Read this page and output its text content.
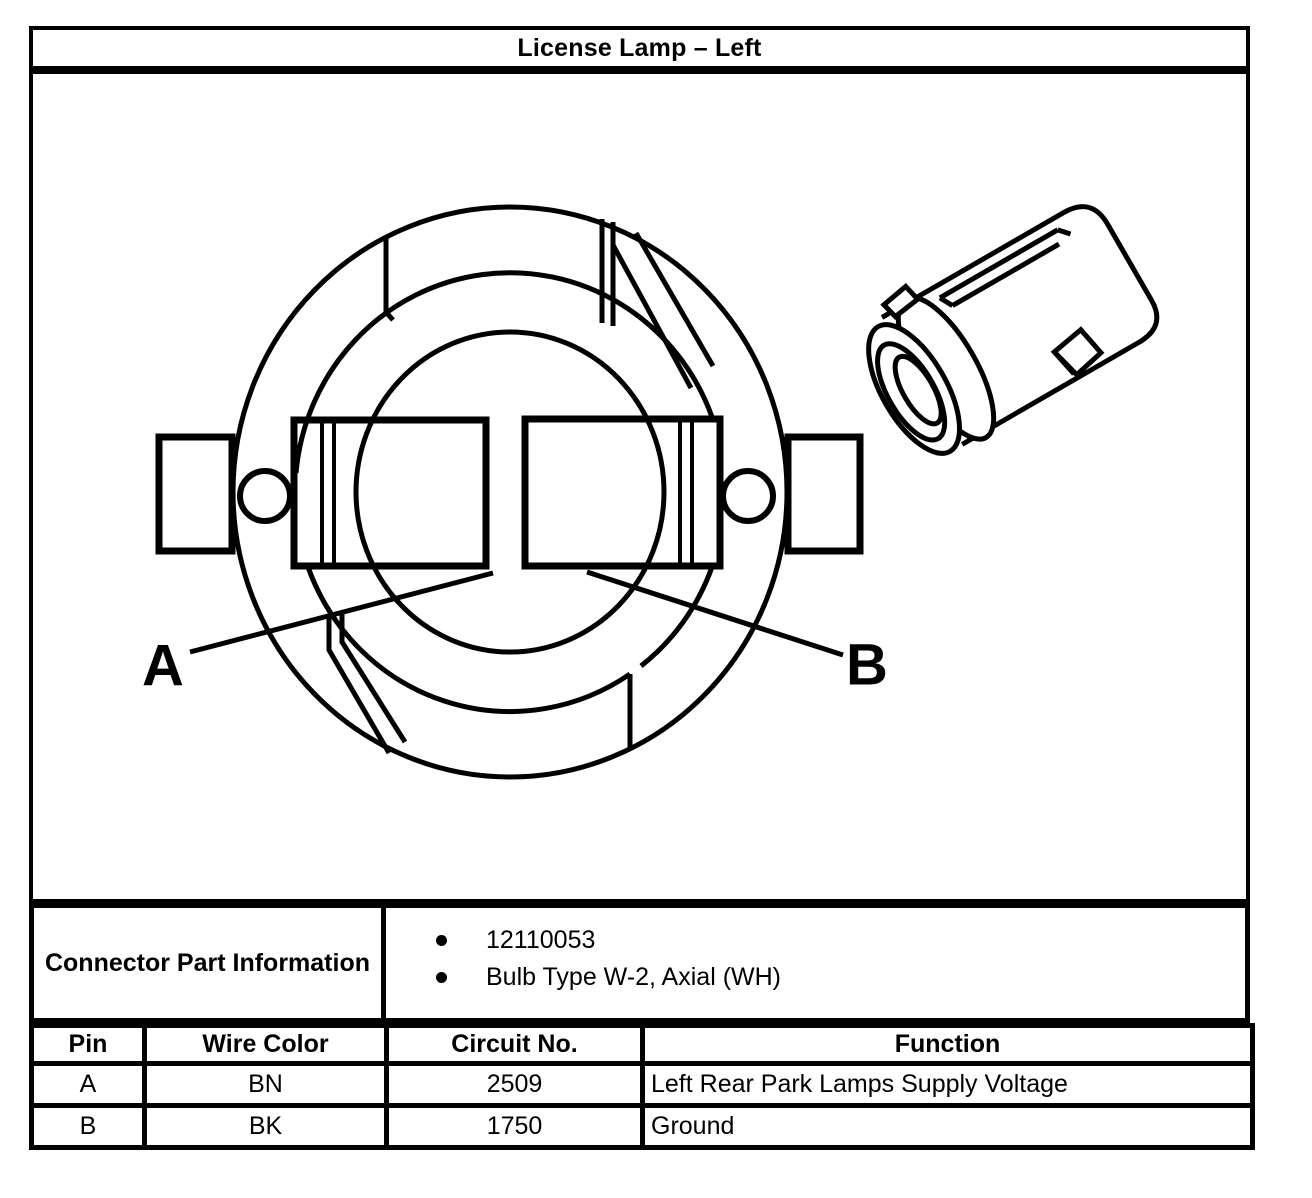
License Lamp – Left
A	B
Connector Part Information
12110053
Bulb Type W-2, Axial (WH)
Pin	Wire Color	Circuit No.	Function
A	BN	2509	Left Rear Park Lamps Supply Voltage
B	BK	1750	Ground
